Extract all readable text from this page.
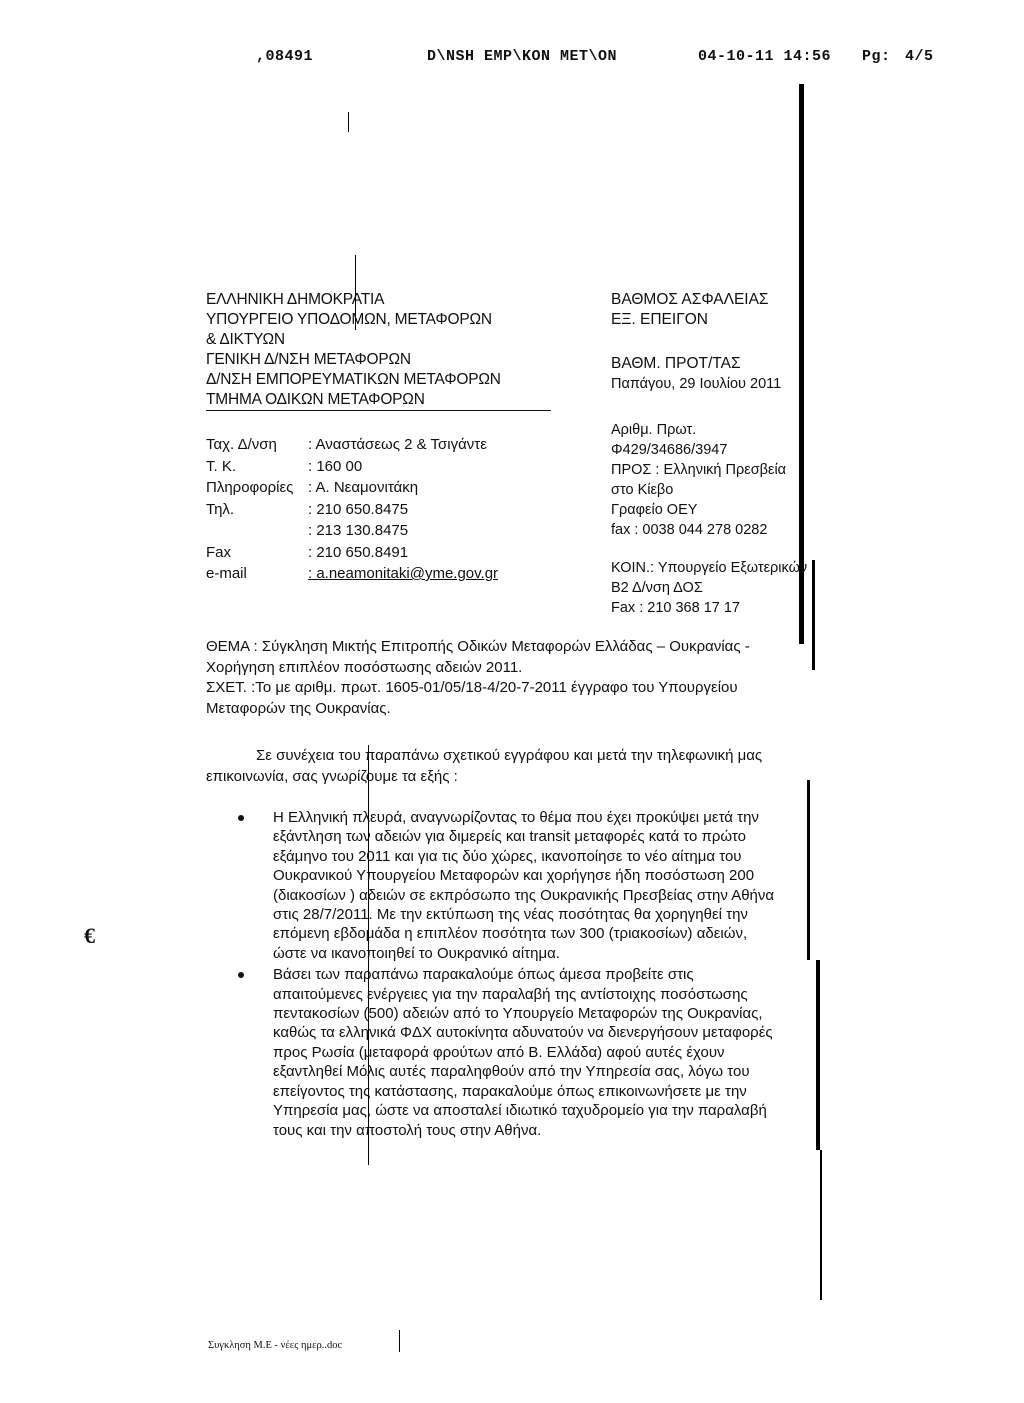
,08491	D\NSH EMP\KON MET\ON	04-10-11 14:56 Pg: 4/5
ΕΛΛΗΝΙΚΗ ΔΗΜΟΚΡΑΤΙΑ
ΥΠΟΥΡΓΕΙΟ ΥΠΟΔΟΜΩΝ, ΜΕΤΑΦΟΡΩΝ
& ΔΙΚΤΥΩΝ
ΓΕΝΙΚΗ Δ/ΝΣΗ ΜΕΤΑΦΟΡΩΝ
Δ/ΝΣΗ ΕΜΠΟΡΕΥΜΑΤΙΚΩΝ ΜΕΤΑΦΟΡΩΝ
ΤΜΗΜΑ ΟΔΙΚΩΝ ΜΕΤΑΦΟΡΩΝ
Ταχ. Δ/νση	: Αναστάσεως 2 & Τσιγάντε
Τ. Κ.	: 160 00
Πληροφορίες : Α. Νεαμονιτάκη
Τηλ.	: 210 650.8475
: 213 130.8475
Fax	: 210 650.8491
e-mail	: a.neamonitaki@yme.gov.gr
ΒΑΘΜΟΣ ΑΣΦΑΛΕΙΑΣ
ΕΞ. ΕΠΕΙΓΟΝ
ΒΑΘΜ. ΠΡΟΤ/ΤΑΣ
Παπάγου, 29 Ιουλίου 2011
Αριθμ. Πρωτ.
Φ429/34686/3947
ΠΡΟΣ : Ελληνική Πρεσβεία
στο Κίεβο
Γραφείο ΟΕΥ
fax : 0038 044 278 0282
ΚΟΙΝ.: Υπουργείο Εξωτερικών
Β2 Δ/νση ΔΟΣ
Fax : 210 368 17 17
ΘΕΜΑ : Σύγκληση Μικτής Επιτροπής Οδικών Μεταφορών Ελλάδας – Ουκρανίας -
Χορήγηση επιπλέον ποσόστωσης αδειών 2011.
ΣΧΕΤ. :Το με αριθμ. πρωτ. 1605-01/05/18-4/20-7-2011 έγγραφο του Υπουργείου
Μεταφορών της Ουκρανίας.
Σε συνέχεια του παραπάνω σχετικού εγγράφου και μετά την τηλεφωνική μας
επικοινωνία, σας γνωρίζουμε τα εξής :
Η Ελληνική πλευρά, αναγνωρίζοντας το θέμα που έχει προκύψει μετά την
εξάντληση των αδειών για διμερείς και transit μεταφορές κατά το πρώτο
εξάμηνο του 2011 και για τις δύο χώρες, ικανοποίησε το νέο αίτημα του
Ουκρανικού Υπουργείου Μεταφορών και χορήγησε ήδη ποσόστωση 200
(διακοσίων ) αδειών σε εκπρόσωπο της Ουκρανικής Πρεσβείας στην Αθήνα
στις 28/7/2011. Με την εκτύπωση της νέας ποσότητας θα χορηγηθεί την
επόμενη εβδομάδα η επιπλέον ποσότητα των 300 (τριακοσίων) αδειών,
ώστε να ικανοποιηθεί το Ουκρανικό αίτημα.
Βάσει των παραπάνω παρακαλούμε όπως άμεσα προβείτε στις
απαιτούμενες ενέργειες για την παραλαβή της αντίστοιχης ποσόστωσης
πεντακοσίων (500) αδειών από το Υπουργείο Μεταφορών της Ουκρανίας,
καθώς τα ελληνικά ΦΔΧ αυτοκίνητα αδυνατούν να διενεργήσουν μεταφορές
προς Ρωσία (μεταφορά φρούτων από Β. Ελλάδα) αφού αυτές έχουν
εξαντληθεί Μόλις αυτές παραληφθούν από την Υπηρεσία σας, λόγω του
επείγοντος της κατάστασης, παρακαλούμε όπως επικοινωνήσετε με την
Υπηρεσία μας, ώστε να αποσταλεί ιδιωτικό ταχυδρομείο για την παραλαβή
τους και την αποστολή τους στην Αθήνα.
€
Συγκληση Μ.Ε - νέες ημερ..doc
